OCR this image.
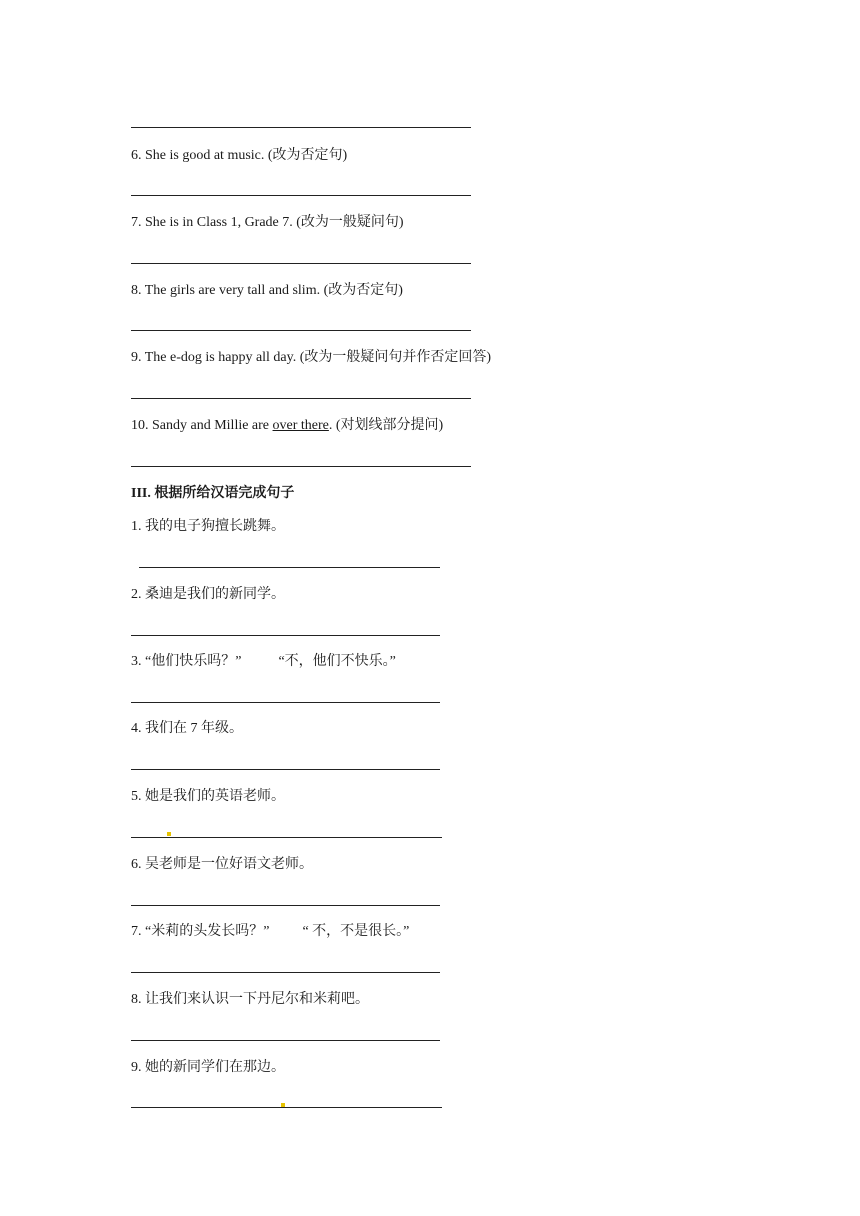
6. She is good at music. (改为否定句)
7. She is in Class 1, Grade 7. (改为一般疑问句)
8. The girls are very tall and slim. (改为否定句)
9. The e-dog is happy all day. (改为一般疑问句并作否定回答)
10. Sandy and Millie are over there. (对划线部分提问)
III. 根据所给汉语完成句子
1. 我的电子狗擅长跳舞。
2. 桑迪是我们的新同学。
3. “他们快乐吗？”	“不，他们不快乐。”
4. 我们在 7 年级。
5. 她是我们的英语老师。
6. 吴老师是一位好语文老师。
7. “米莉的头发长吗？” “ 不，不是很长。”
8. 让我们来认识一下丹尼尔和米莉吧。
9. 她的新同学们在那边。
